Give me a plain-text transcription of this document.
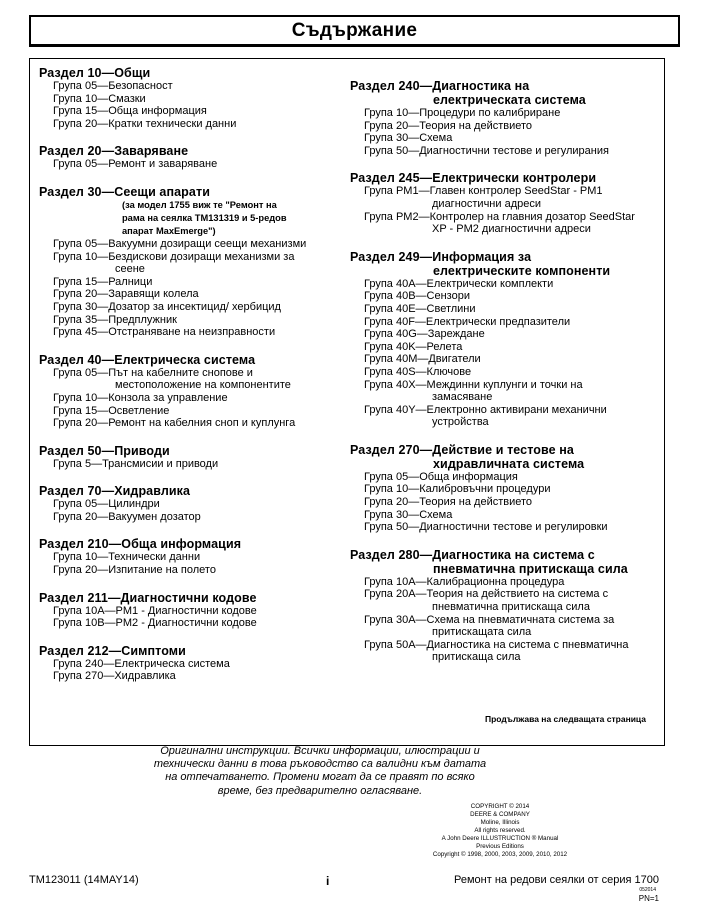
Съдържание
Раздел 10—Общи
Група 05—Безопасност
Група 10—Смазки
Група 15—Обща информация
Група 20—Кратки технически данни
Раздел 20—Заваряване
Група 05—Ремонт и заваряване
Раздел 30—Сеещи апарати
(за модел 1755 виж те "Ремонт на
рама на сеялка TM131319 и 5-редов
апарат MaxEmerge")
Група 05—Вакуумни дозиращи сеещи механизми
Група 10—Бездискови дозиращи механизми за
сеене
Група 15—Ралници
Група 20—Заравящи колела
Група 30—Дозатор за инсектицид/ хербицид
Група 35—Предплужник
Група 45—Отстраняване на неизправности
Раздел 40—Електрическа система
Група 05—Път на кабелните снопове и
местоположение на компонентите
Група 10—Конзола за управление
Група 15—Осветление
Група 20—Ремонт на кабелния сноп и куплунга
Раздел 50—Приводи
Група 5—Трансмисии и приводи
Раздел 70—Хидравлика
Група 05—Цилиндри
Група 20—Вакуумен дозатор
Раздел 210—Обща информация
Група 10—Технически данни
Група 20—Изпитание на полето
Раздел 211—Диагностични кодове
Група 10A—PM1 - Диагностични кодове
Група 10B—PM2 - Диагностични кодове
Раздел 212—Симптоми
Група 240—Електрическа система
Група 270—Хидравлика
Раздел 240—Диагностика на
електрическата система
Група 10—Процедури по калибриране
Група 20—Теория на действието
Група 30—Схема
Група 50—Диагностични тестове и регулирания
Раздел 245—Електрически контролери
Група PM1—Главен контролер SeedStar - PM1
диагностични адреси
Група PM2—Контролер на главния дозатор SeedStar
XP - PM2 диагностични адреси
Раздел 249—Информация за
електрическите компоненти
Група 40A—Електрически комплекти
Група 40B—Сензори
Група 40E—Светлини
Група 40F—Електрически предпазители
Група 40G—Зареждане
Група 40K—Релета
Група 40M—Двигатели
Група 40S—Ключове
Група 40X—Междинни куплунги и точки на
замасяване
Група 40Y—Електронно активирани механични
устройства
Раздел 270—Действие и тестове на
хидравличната система
Група 05—Обща информация
Група 10—Калибровъчни процедури
Група 20—Теория на действието
Група 30—Схема
Група 50—Диагностични тестове и регулировки
Раздел 280—Диагностика на система с
пневматична притискаща сила
Група 10A—Калибрационна процедура
Група 20A—Теория на действието на система с
пневматична притискаща сила
Група 30A—Схема на пневматичната система за
притискащата сила
Група 50A—Диагностика на система с пневматична
притискаща сила
Продължава на следващата страница
Оригинални инструкции. Всички информации, илюстрации и
технически данни в това ръководство са валидни към датата
на отпечатването. Промени могат да се правят по всяко
време, без предварително огласяване.
COPYRIGHT © 2014
DEERE & COMPANY
Moline, Illinois
All rights reserved.
A John Deere ILLUSTRUCTION ® Manual
Previous Editions
Copyright © 1998, 2000, 2003, 2009, 2010, 2012
TM123011 (14MAY14)	i	Ремонт на редови сеялки от серия 1700
052014
PN=1
